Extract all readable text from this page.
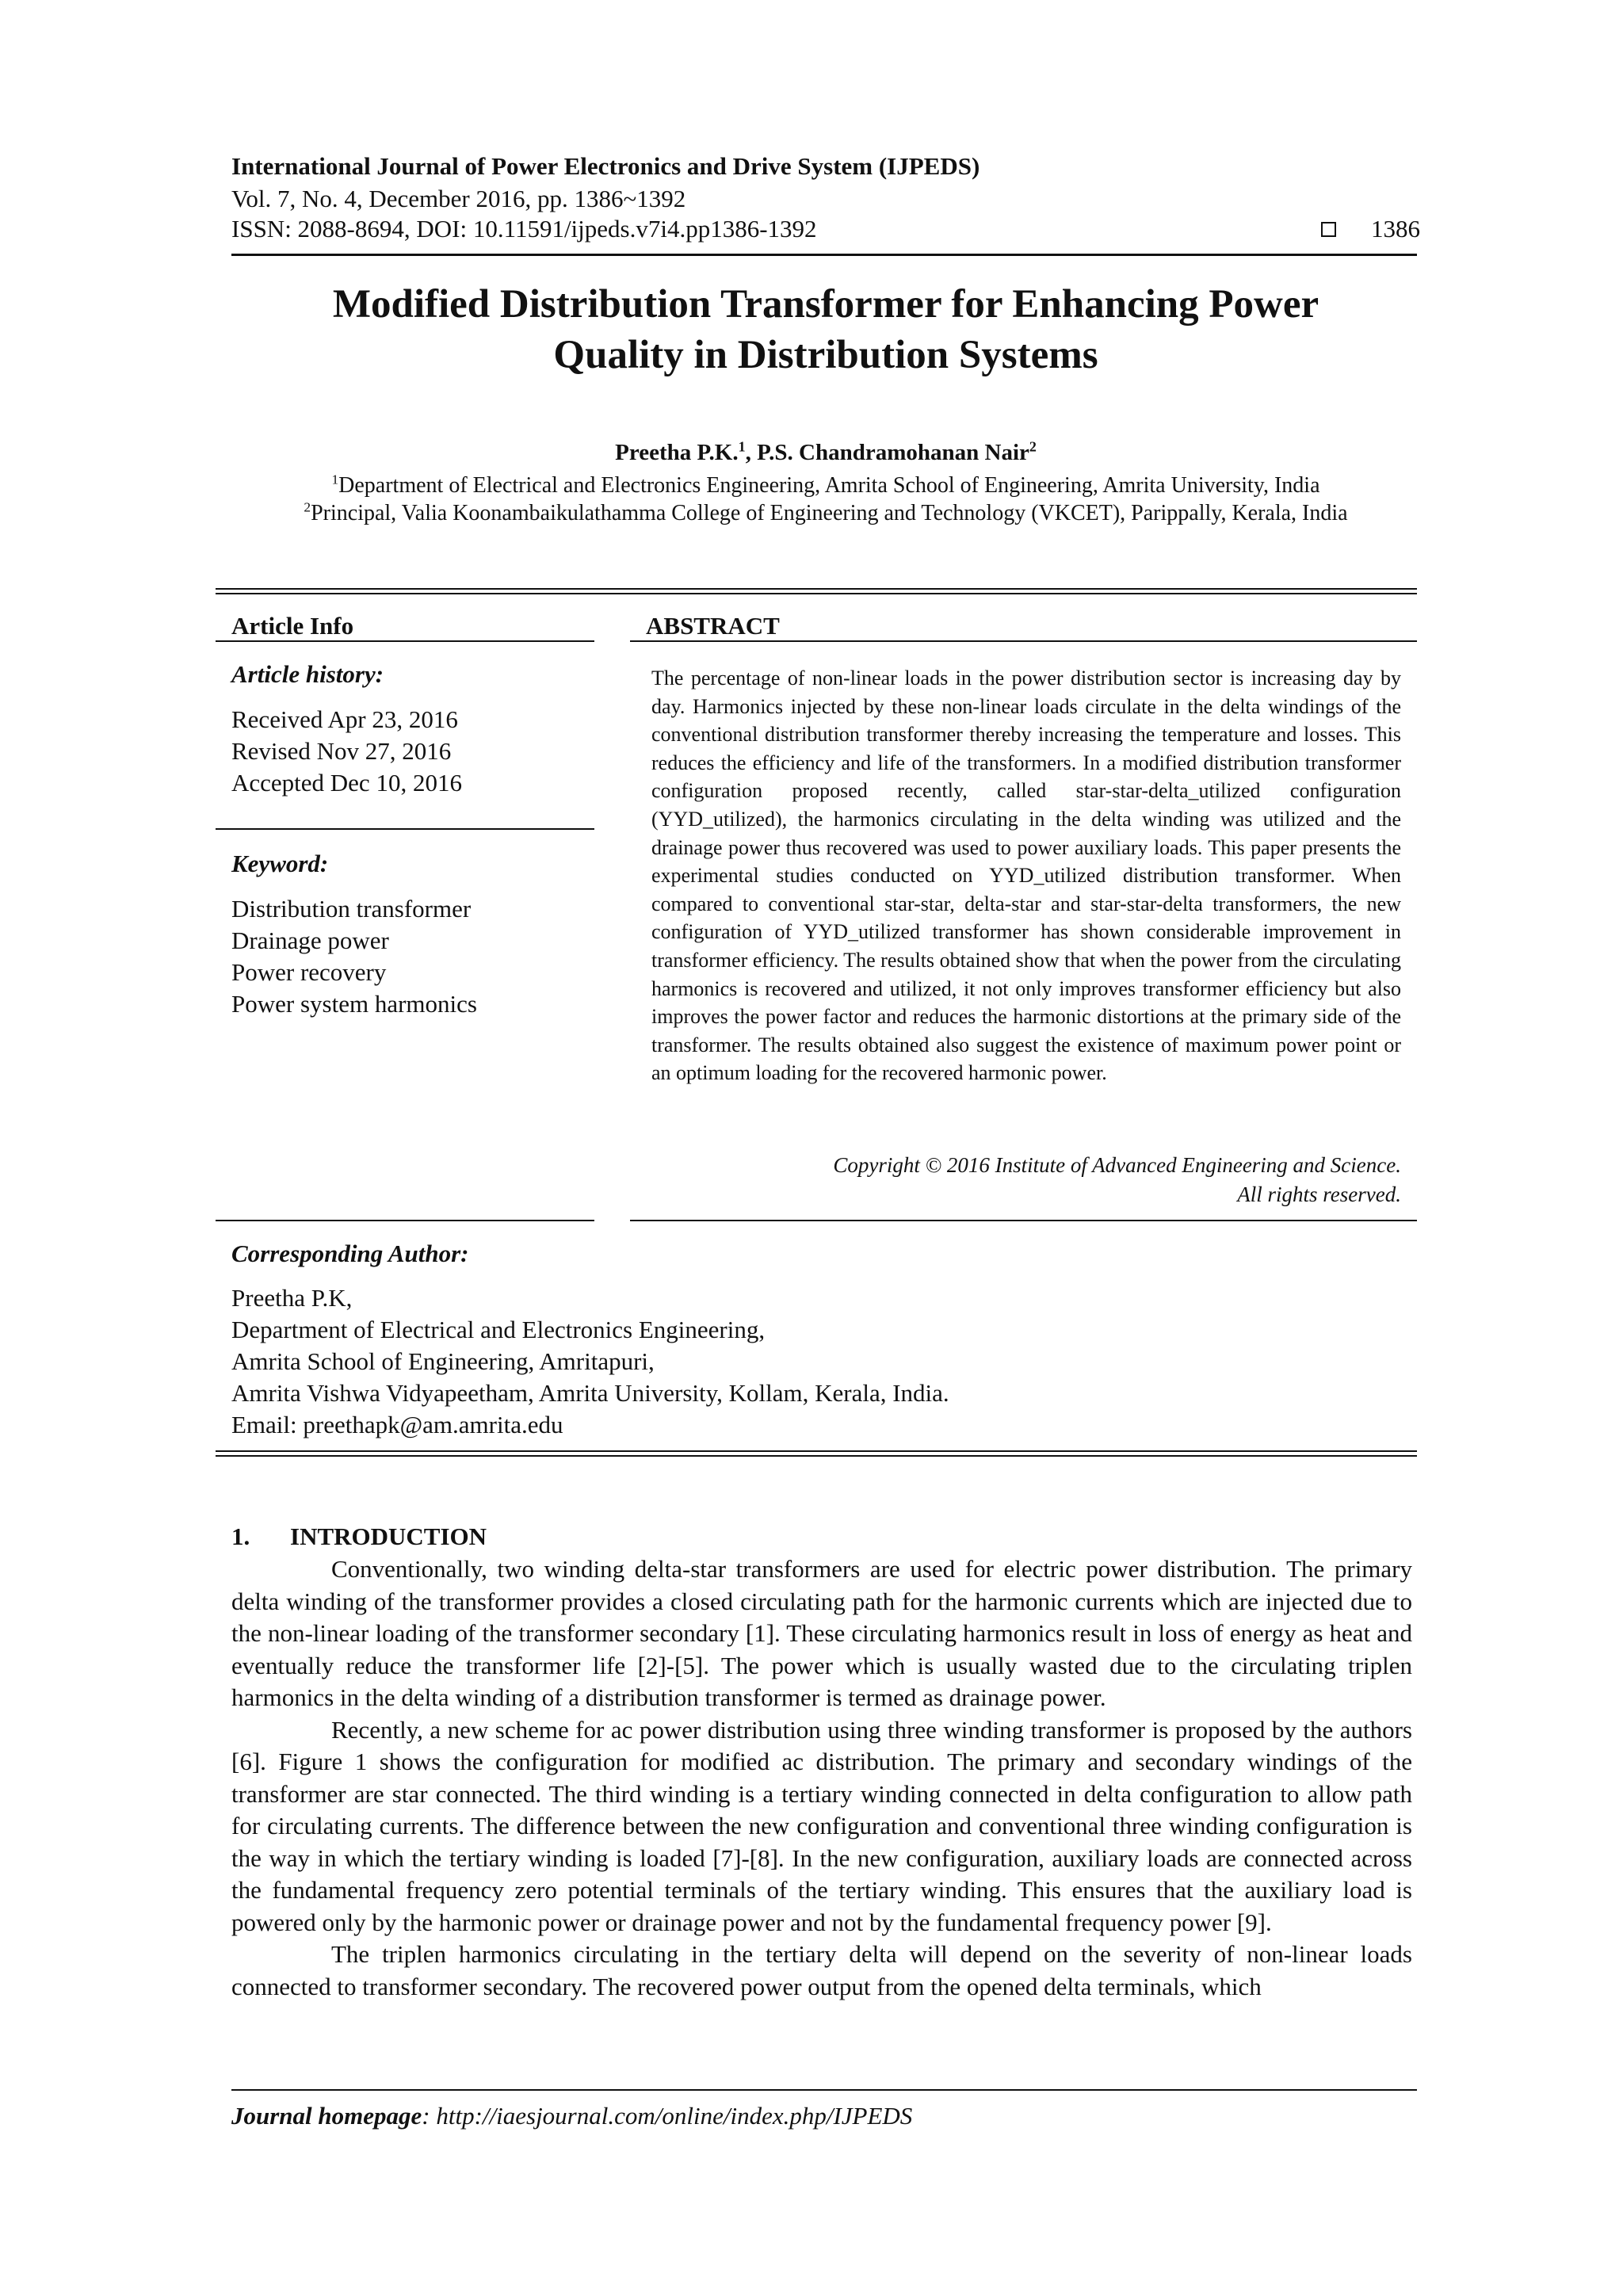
International Journal of Power Electronics and Drive System (IJPEDS)
Vol. 7, No. 4, December 2016, pp. 1386~1392
ISSN: 2088-8694, DOI: 10.11591/ijpeds.v7i4.pp1386-1392	1386
Modified Distribution Transformer for Enhancing Power
Quality in Distribution Systems
Preetha P.K.$^1$, P.S. Chandramohanan Nair$^2$
$^1$Department of Electrical and Electronics Engineering, Amrita School of Engineering, Amrita University, India
$^2$Principal, Valia Koonambaikulathamma College of Engineering and Technology (VKCET), Parippally, Kerala, India
Article Info
Article history:
Received Apr 23, 2016
Revised Nov 27, 2016
Accepted Dec 10, 2016
Keyword:
Distribution transformer
Drainage power
Power recovery
Power system harmonics
ABSTRACT
The percentage of non-linear loads in the power distribution sector is increasing day by day. Harmonics injected by these non-linear loads circulate in the delta windings of the conventional distribution transformer thereby increasing the temperature and losses. This reduces the efficiency and life of the transformers. In a modified distribution transformer configuration proposed recently, called star-star-delta_utilized configuration (YYD_utilized), the harmonics circulating in the delta winding was utilized and the drainage power thus recovered was used to power auxiliary loads. This paper presents the experimental studies conducted on YYD_utilized distribution transformer. When compared to conventional star-star, delta-star and star-star-delta transformers, the new configuration of YYD_utilized transformer has shown considerable improvement in transformer efficiency. The results obtained show that when the power from the circulating harmonics is recovered and utilized, it not only improves transformer efficiency but also improves the power factor and reduces the harmonic distortions at the primary side of the transformer. The results obtained also suggest the existence of maximum power point or an optimum loading for the recovered harmonic power.
Copyright © 2016 Institute of Advanced Engineering and Science.
All rights reserved.
Corresponding Author:
Preetha P.K,
Department of Electrical and Electronics Engineering,
Amrita School of Engineering, Amritapuri,
Amrita Vishwa Vidyapeetham, Amrita University, Kollam, Kerala, India.
Email: preethapk@am.amrita.edu
1. INTRODUCTION

Conventionally, two winding delta-star transformers are used for electric power distribution. The primary delta winding of the transformer provides a closed circulating path for the harmonic currents which are injected due to the non-linear loading of the transformer secondary [1]. These circulating harmonics result in loss of energy as heat and eventually reduce the transformer life [2]-[5]. The power which is usually wasted due to the circulating triplen harmonics in the delta winding of a distribution transformer is termed as drainage power.

Recently, a new scheme for ac power distribution using three winding transformer is proposed by the authors [6]. Figure 1 shows the configuration for modified ac distribution. The primary and secondary windings of the transformer are star connected. The third winding is a tertiary winding connected in delta configuration to allow path for circulating currents. The difference between the new configuration and conventional three winding configuration is the way in which the tertiary winding is loaded [7]-[8]. In the new configuration, auxiliary loads are connected across the fundamental frequency zero potential terminals of the tertiary winding. This ensures that the auxiliary load is powered only by the harmonic power or drainage power and not by the fundamental frequency power [9].

The triplen harmonics circulating in the tertiary delta will depend on the severity of non-linear loads connected to transformer secondary. The recovered power output from the opened delta terminals, which

Journal homepage: http://iaesjournal.com/online/index.php/IJPEDS
